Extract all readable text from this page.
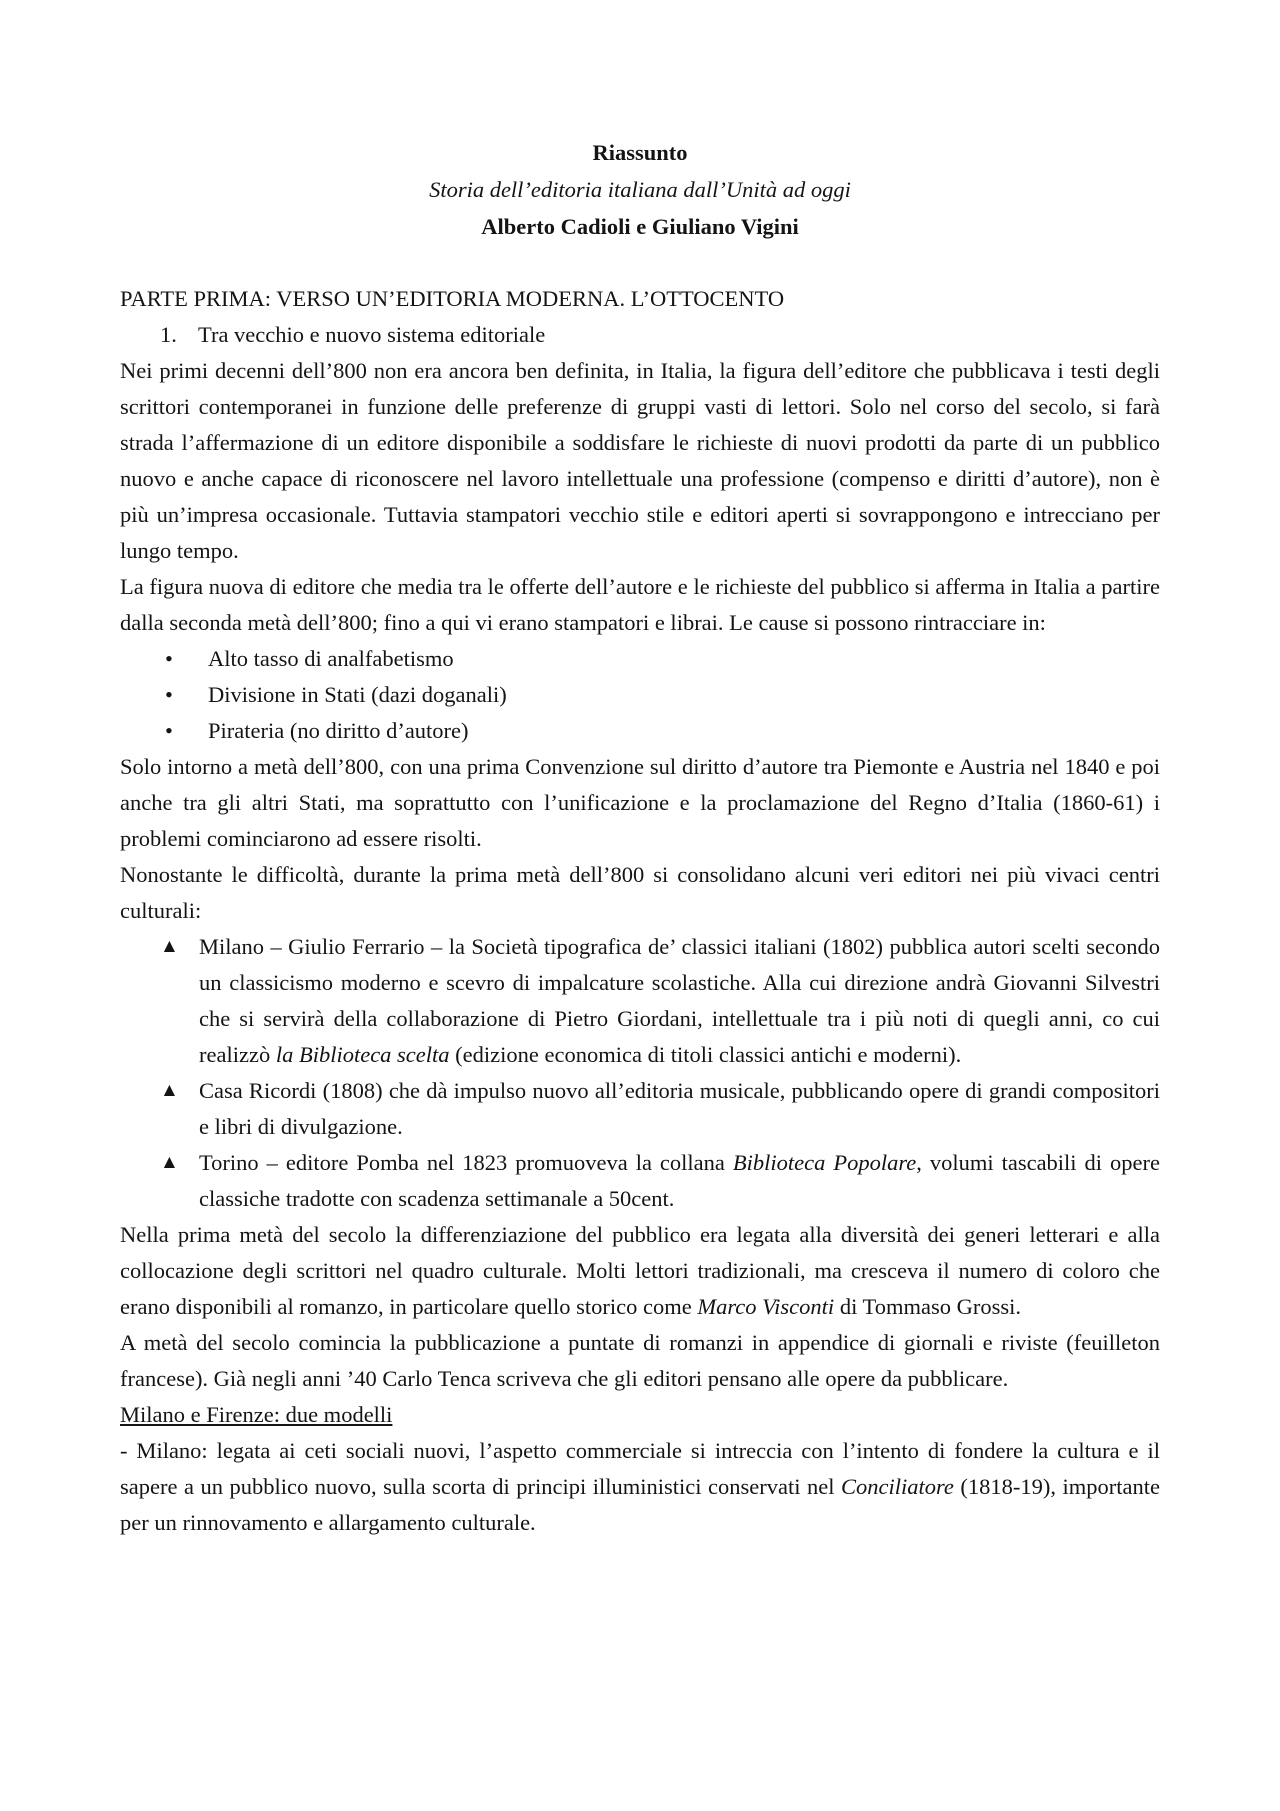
Riassunto
Storia dell’editoria italiana dall’Unità ad oggi
Alberto Cadioli e Giuliano Vigini
PARTE PRIMA: VERSO UN’EDITORIA MODERNA. L’OTTOCENTO
1. Tra vecchio e nuovo sistema editoriale
Nei primi decenni dell’800 non era ancora ben definita, in Italia, la figura dell’editore che pubblicava i testi degli scrittori contemporanei in funzione delle preferenze di gruppi vasti di lettori. Solo nel corso del secolo, si farà strada l’affermazione di un editore disponibile a soddisfare le richieste di nuovi prodotti da parte di un pubblico nuovo e anche capace di riconoscere nel lavoro intellettuale una professione (compenso e diritti d’autore), non è più un’impresa occasionale. Tuttavia stampatori vecchio stile e editori aperti si sovrappongono e intrecciano per lungo tempo.
La figura nuova di editore che media tra le offerte dell’autore e le richieste del pubblico si afferma in Italia a partire dalla seconda metà dell’800; fino a qui vi erano stampatori e librai. Le cause si possono rintracciare in:
• Alto tasso di analfabetismo
• Divisione in Stati (dazi doganali)
• Pirateria (no diritto d’autore)
Solo intorno a metà dell’800, con una prima Convenzione sul diritto d’autore tra Piemonte e Austria nel 1840 e poi anche tra gli altri Stati, ma soprattutto con l’unificazione e la proclamazione del Regno d’Italia (1860-61) i problemi cominciarono ad essere risolti.
Nonostante le difficoltà, durante la prima metà dell’800 si consolidano alcuni veri editori nei più vivaci centri culturali:
▲ Milano – Giulio Ferrario – la Società tipografica de’ classici italiani (1802) pubblica autori scelti secondo un classicismo moderno e scevro di impalcature scolastiche. Alla cui direzione andrà Giovanni Silvestri che si servirà della collaborazione di Pietro Giordani, intellettuale tra i più noti di quegli anni, co cui realizzò la Biblioteca scelta (edizione economica di titoli classici antichi e moderni).
▲ Casa Ricordi (1808) che dà impulso nuovo all’editoria musicale, pubblicando opere di grandi compositori e libri di divulgazione.
▲ Torino – editore Pomba nel 1823 promuoveva la collana Biblioteca Popolare, volumi tascabili di opere classiche tradotte con scadenza settimanale a 50cent.
Nella prima metà del secolo la differenziazione del pubblico era legata alla diversità dei generi letterari e alla collocazione degli scrittori nel quadro culturale. Molti lettori tradizionali, ma cresceva il numero di coloro che erano disponibili al romanzo, in particolare quello storico come Marco Visconti di Tommaso Grossi.
A metà del secolo comincia la pubblicazione a puntate di romanzi in appendice di giornali e riviste (feuilleton francese). Già negli anni ’40 Carlo Tenca scriveva che gli editori pensano alle opere da pubblicare.
Milano e Firenze: due modelli
- Milano: legata ai ceti sociali nuovi, l’aspetto commerciale si intreccia con l’intento di fondere la cultura e il sapere a un pubblico nuovo, sulla scorta di principi illuministici conservati nel Conciliatore (1818-19), importante per un rinnovamento e allargamento culturale.
